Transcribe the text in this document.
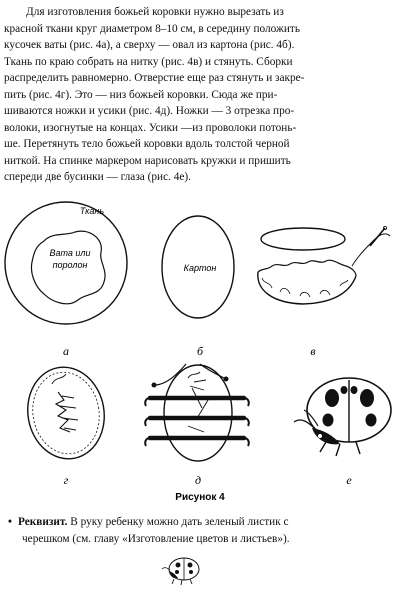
Для изготовления божьей коровки нужно вырезать из
красной ткани круг диаметром 8–10 см, в середину положить
кусочек ваты (рис. 4а), а сверху — овал из картона (рис. 4б).
Ткань по краю собрать на нитку (рис. 4в) и стянуть. Сборки
распределить равномерно. Отверстие еще раз стянуть и закре-
пить (рис. 4г). Это — низ божьей коровки. Сюда же при-
шиваются ножки и усики (рис. 4д). Ножки — 3 отрезка про-
волоки, изогнутые на концах. Усики —из проволоки потонь-
ше. Перетянуть тело божьей коровки вдоль толстой черной
ниткой. На спинке маркером нарисовать кружки и пришить
спереди две бусинки — глаза (рис. 4е).
Ткань
Вата или
поролон
а
Картон
б	в
г	д	е
Рисунок 4
• Реквизит. В руку ребенку можно дать зеленый листик с
черешком (см. главу «Изготовление цветов и листьев»).
